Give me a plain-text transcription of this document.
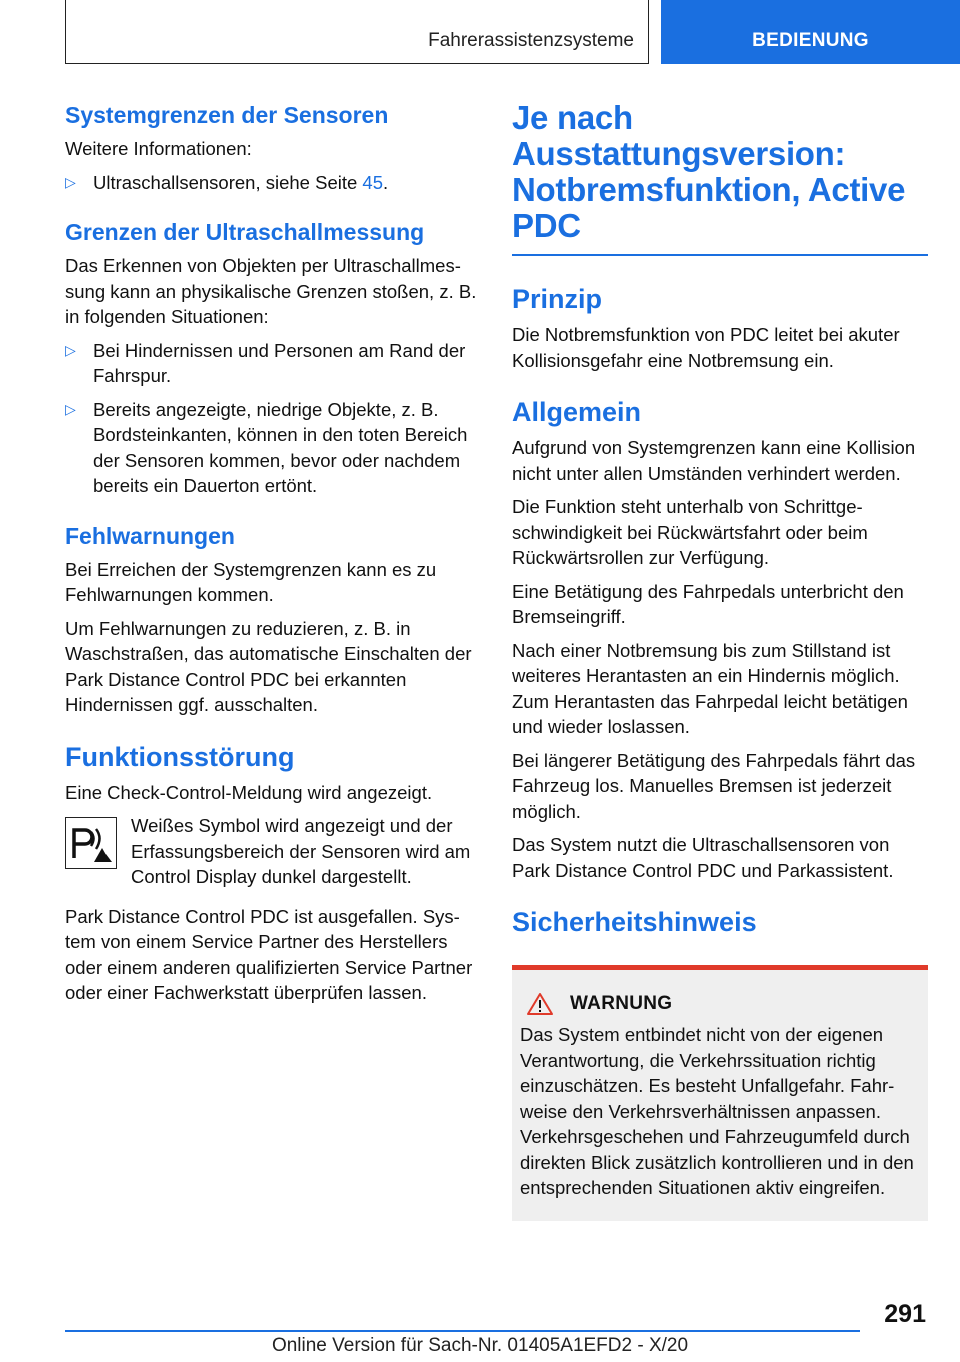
Fahrerassistenzsysteme	BEDIENUNG
Systemgrenzen der Sensoren

Weitere Informationen:

▷ Ultraschallsensoren, siehe Seite 45.
Grenzen der Ultraschallmessung

Das Erkennen von Objekten per Ultraschallmessung kann an physikalische Grenzen stoßen, z. B. in folgenden Situationen:

▷ Bei Hindernissen und Personen am Rand der Fahrspur.
▷ Bereits angezeigte, niedrige Objekte, z. B. Bordsteinkanten, können in den toten Bereich der Sensoren kommen, bevor oder nachdem bereits ein Dauerton ertönt.
Fehlwarnungen

Bei Erreichen der Systemgrenzen kann es zu Fehlwarnungen kommen.

Um Fehlwarnungen zu reduzieren, z. B. in Waschstraßen, das automatische Einschalten der Park Distance Control PDC bei erkannten Hindernissen ggf. ausschalten.

Funktionsstörung

Eine Check-Control-Meldung wird angezeigt.

Weißes Symbol wird angezeigt und der Erfassungsbereich der Sensoren wird am Control Display dunkel dargestellt.

Park Distance Control PDC ist ausgefallen. System von einem Service Partner des Herstellers oder einem anderen qualifizierten Service Partner oder einer Fachwerkstatt überprüfen lassen.

Je nach Ausstattungsversion: Notbremsfunktion, Active PDC
Prinzip

Die Notbremsfunktion von PDC leitet bei akuter Kollisionsgefahr eine Notbremsung ein.

Allgemein

Aufgrund von Systemgrenzen kann eine Kollision nicht unter allen Umständen verhindert werden.

Die Funktion steht unterhalb von Schrittgeschwindigkeit bei Rückwärtsfahrt oder beim Rückwärtsrollen zur Verfügung.

Eine Betätigung des Fahrpedals unterbricht den Bremseingriff.

Nach einer Notbremsung bis zum Stillstand ist weiteres Herantasten an ein Hindernis möglich. Zum Herantasten das Fahrpedal leicht betätigen und wieder loslassen.

Bei längerer Betätigung des Fahrpedals fährt das Fahrzeug los. Manuelles Bremsen ist jederzeit möglich.

Das System nutzt die Ultraschallsensoren von Park Distance Control PDC und Parkassistent.

Sicherheitshinweis
WARNUNG
Das System entbindet nicht von der eigenen Verantwortung, die Verkehrssituation richtig einzuschätzen. Es besteht Unfallgefahr. Fahrweise den Verkehrsverhältnissen anpassen. Verkehrsgeschehen und Fahrzeugumfeld durch direkten Blick zusätzlich kontrollieren und in den entsprechenden Situationen aktiv eingreifen.
291
Online Version für Sach-Nr. 01405A1EFD2 - X/20
